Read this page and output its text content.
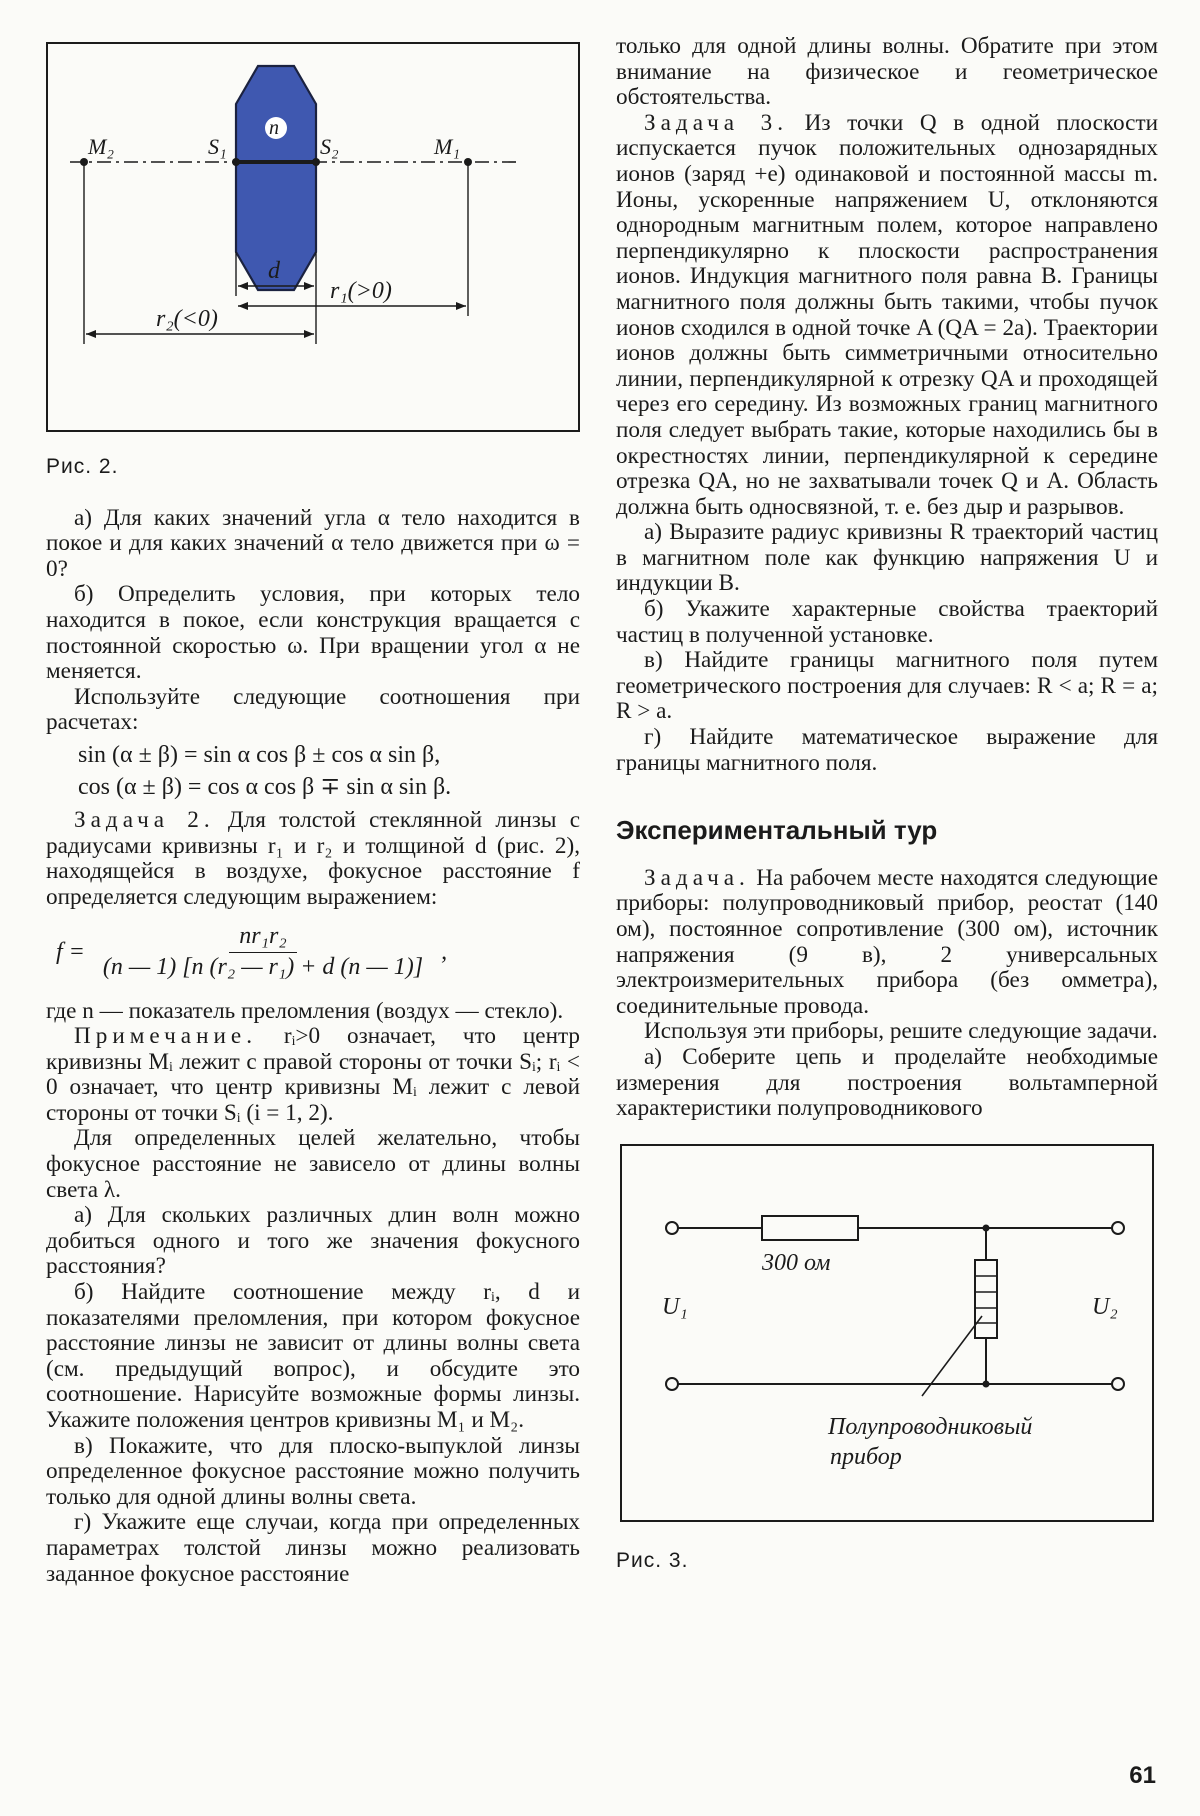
M₂	S₁	S₂	M₁
n
d
r₁(>0)
r₂(<0)
Рис. 2.

а) Для каких значений угла α тело находится в покое и для каких значений α тело движется при ω = 0?

б) Определить условия, при которых тело находится в покое, если конструкция вращается с постоянной скоростью ω. При вращении угол α не меняется.

Используйте следующие соотношения при расчетах:

sin (α ± β) = sin α cos β ± cos α sin β,
cos (α ± β) = cos α cos β ∓ sin α sin β.

Задача 2. Для толстой стеклянной линзы с радиусами кривизны r₁ и r₂ и толщиной d (рис. 2), находящейся в воздухе, фокусное расстояние f определяется следующим выражением:

$f = \frac{\text{nr₁r₂}}{\text{(n — 1) [n (r₂ — r₁) + d (n — 1)]}}$ ,

где n — показатель преломления (воздух — стекло).

Примечание. rᵢ>0 означает, что центр кривизны Mᵢ лежит с правой стороны от точки Sᵢ; rᵢ < 0 означает, что центр кривизны Mᵢ лежит с левой стороны от точки Sᵢ (i = 1, 2).

Для определенных целей желательно, чтобы фокусное расстояние не зависело от длины волны света λ.

а) Для скольких различных длин волн можно добиться одного и того же значения фокусного расстояния?

б) Найдите соотношение между rᵢ, d и показателями преломления, при котором фокусное расстояние линзы не зависит от длины волны света (см. предыдущий вопрос), и обсудите это соотношение. Нарисуйте возможные формы линзы. Укажите положения центров кривизны M₁ и M₂.

в) Покажите, что для плоско-выпуклой линзы определенное фокусное расстояние можно получить только для одной длины волны света.

г) Укажите еще случаи, когда при определенных параметрах толстой линзы можно реализовать заданное фокусное расстояние

только для одной длины волны. Обратите при этом внимание на физическое и геометрическое обстоятельства.

Задача 3. Из точки Q в одной плоскости испускается пучок положительных однозарядных ионов (заряд +e) одинаковой и постоянной массы m. Ионы, ускоренные напряжением U, отклоняются однородным магнитным полем, которое направлено перпендикулярно к плоскости распространения ионов. Индукция магнитного поля равна B. Границы магнитного поля должны быть такими, чтобы пучок ионов сходился в одной точке A (QA = 2a). Траектории ионов должны быть симметричными относительно линии, перпендикулярной к отрезку QA и проходящей через его середину. Из возможных границ магнитного поля следует выбрать такие, которые находились бы в окрестностях линии, перпендикулярной к середине отрезка QA, но не захватывали точек Q и A. Область должна быть односвязной, т. е. без дыр и разрывов.

а) Выразите радиус кривизны R траекторий частиц в магнитном поле как функцию напряжения U и индукции B.

б) Укажите характерные свойства траекторий частиц в полученной установке.

в) Найдите границы магнитного поля путем геометрического построения для случаев: R < a; R = a; R > a.

г) Найдите математическое выражение для границы магнитного поля.

Экспериментальный тур

Задача. На рабочем месте находятся следующие приборы: полупроводниковый прибор, реостат (140 ом), постоянное сопротивление (300 ом), источник напряжения (9 в), 2 универсальных электроизмерительных прибора (без омметра), соединительные провода.

Используя эти приборы, решите следующие задачи.

а) Соберите цепь и проделайте необходимые измерения для построения вольтамперной характеристики полупроводникового

300 ом
U₁	U₂
Полупроводниковый
прибор
Рис. 3.
61
